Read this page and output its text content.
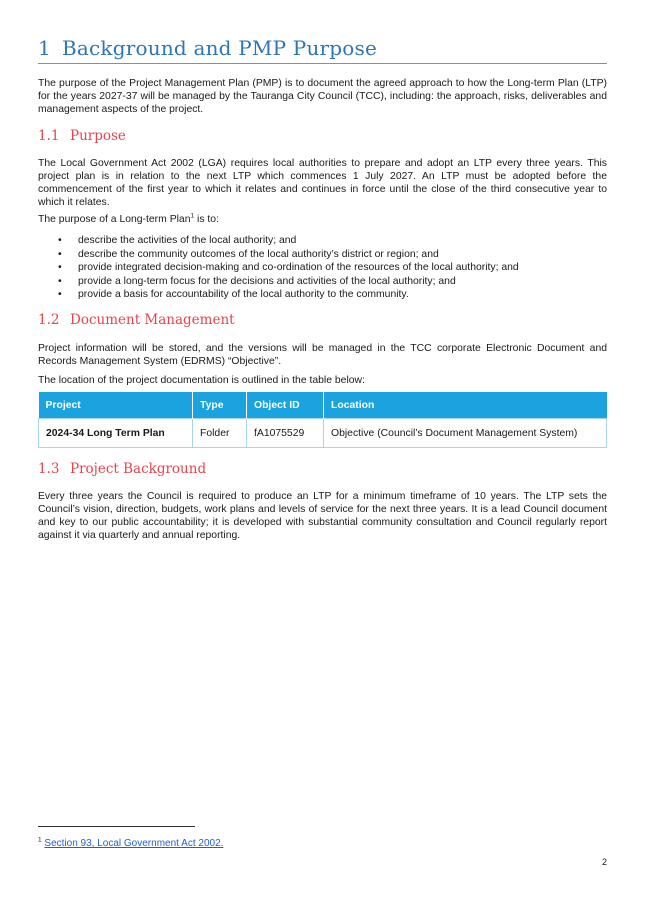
1 Background and PMP Purpose

The purpose of the Project Management Plan (PMP) is to document the agreed approach to how the Long-term Plan (LTP) for the years 2027-37 will be managed by the Tauranga City Council (TCC), including: the approach, risks, deliverables and management aspects of the project.

1.1 Purpose

The Local Government Act 2002 (LGA) requires local authorities to prepare and adopt an LTP every three years. This project plan is in relation to the next LTP which commences 1 July 2027. An LTP must be adopted before the commencement of the first year to which it relates and continues in force until the close of the third consecutive year to which it relates.

The purpose of a Long-term Plan$^1$ is to:

• describe the activities of the local authority; and
• describe the community outcomes of the local authority’s district or region; and
• provide integrated decision-making and co-ordination of the resources of the local authority; and
• provide a long-term focus for the decisions and activities of the local authority; and
• provide a basis for accountability of the local authority to the community.
1.2 Document Management

Project information will be stored, and the versions will be managed in the TCC corporate Electronic Document and Records Management System (EDRMS) “Objective”.

The location of the project documentation is outlined in the table below:

Project	Type	Object ID	Location
2024-34 Long Term Plan	Folder	fA1075529	Objective (Council’s Document Management System)
1.3 Project Background

Every three years the Council is required to produce an LTP for a minimum timeframe of 10 years. The LTP sets the Council’s vision, direction, budgets, work plans and levels of service for the next three years. It is a lead Council document and key to our public accountability; it is developed with substantial community consultation and Council regularly report against it via quarterly and annual reporting.

$^1$ Section 93, Local Government Act 2002.
2
